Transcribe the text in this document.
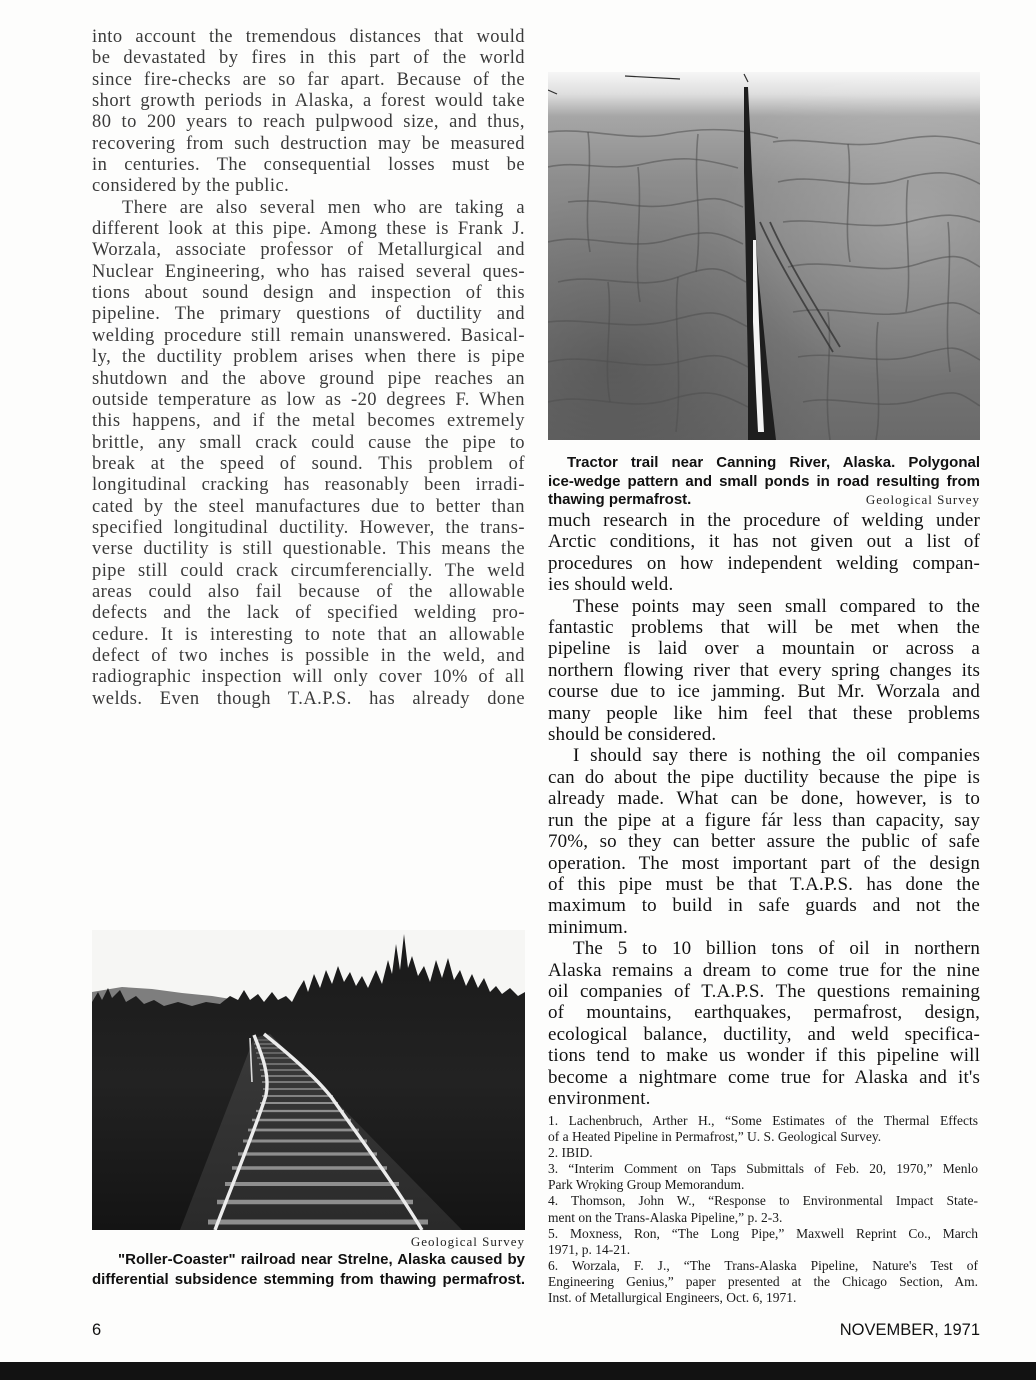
into account the tremendous distances that would
be devastated by fires in this part of the world
since fire-checks are so far apart. Because of the
short growth periods in Alaska, a forest would take
80 to 200 years to reach pulpwood size, and thus,
recovering from such destruction may be measured
in centuries. The consequential losses must be
considered by the public.
There are also several men who are taking a
different look at this pipe. Among these is Frank J.
Worzala, associate professor of Metallurgical and
Nuclear Engineering, who has raised several ques-
tions about sound design and inspection of this
pipeline. The primary questions of ductility and
welding procedure still remain unanswered. Basical-
ly, the ductility problem arises when there is pipe
shutdown and the above ground pipe reaches an
outside temperature as low as -20 degrees F. When
this happens, and if the metal becomes extremely
brittle, any small crack could cause the pipe to
break at the speed of sound. This problem of
longitudinal cracking has reasonably been irradi-
cated by the steel manufactures due to better than
specified longitudinal ductility. However, the trans-
verse ductility is still questionable. This means the
pipe still could crack circumferencially. The weld
areas could also fail because of the allowable
defects and the lack of specified welding pro-
cedure. It is interesting to note that an allowable
defect of two inches is possible in the weld, and
radiographic inspection will only cover 10% of all
welds. Even though T.A.P.S. has already done
Geological Survey
"Roller-Coaster" railroad near Strelne, Alaska caused by
differential subsidence stemming from thawing permafrost.
Tractor trail near Canning River, Alaska. Polygonal
ice-wedge pattern and small ponds in road resulting from
thawing permafrost.	Geological Survey
much research in the procedure of welding under
Arctic conditions, it has not given out a list of
procedures on how independent welding compan-
ies should weld.
These points may seen small compared to the
fantastic problems that will be met when the
pipeline is laid over a mountain or across a
northern flowing river that every spring changes its
course due to ice jamming. But Mr. Worzala and
many people like him feel that these problems
should be considered.
I should say there is nothing the oil companies
can do about the pipe ductility because the pipe is
already made. What can be done, however, is to
run the pipe at a figure fár less than capacity, say
70%, so they can better assure the public of safe
operation. The most important part of the design
of this pipe must be that T.A.P.S. has done the
maximum to build in safe guards and not the
minimum.
The 5 to 10 billion tons of oil in northern
Alaska remains a dream to come true for the nine
oil companies of T.A.P.S. The questions remaining
of mountains, earthquakes, permafrost, design,
ecological balance, ductility, and weld specifica-
tions tend to make us wonder if this pipeline will
become a nightmare come true for Alaska and it's
environment.
1. Lachenbruch, Arther H., “Some Estimates of the Thermal Effects
of a Heated Pipeline in Permafrost,” U. S. Geological Survey.
2. IBID.
3. “Interim Comment on Taps Submittals of Feb. 20, 1970,” Menlo
Park Wrọking Group Memorandum.
4. Thomson, John W., “Response to Environmental Impact State-
ment on the Trans-Alaska Pipeline,” p. 2-3.
5. Moxness, Ron, “The Long Pipe,” Maxwell Reprint Co., March
1971, p. 14-21.
6. Worzala, F. J., “The Trans-Alaska Pipeline, Nature's Test of
Engineering Genius,” paper presented at the Chicago Section, Am.
Inst. of Metallurgical Engineers, Oct. 6, 1971.
6	NOVEMBER, 1971
